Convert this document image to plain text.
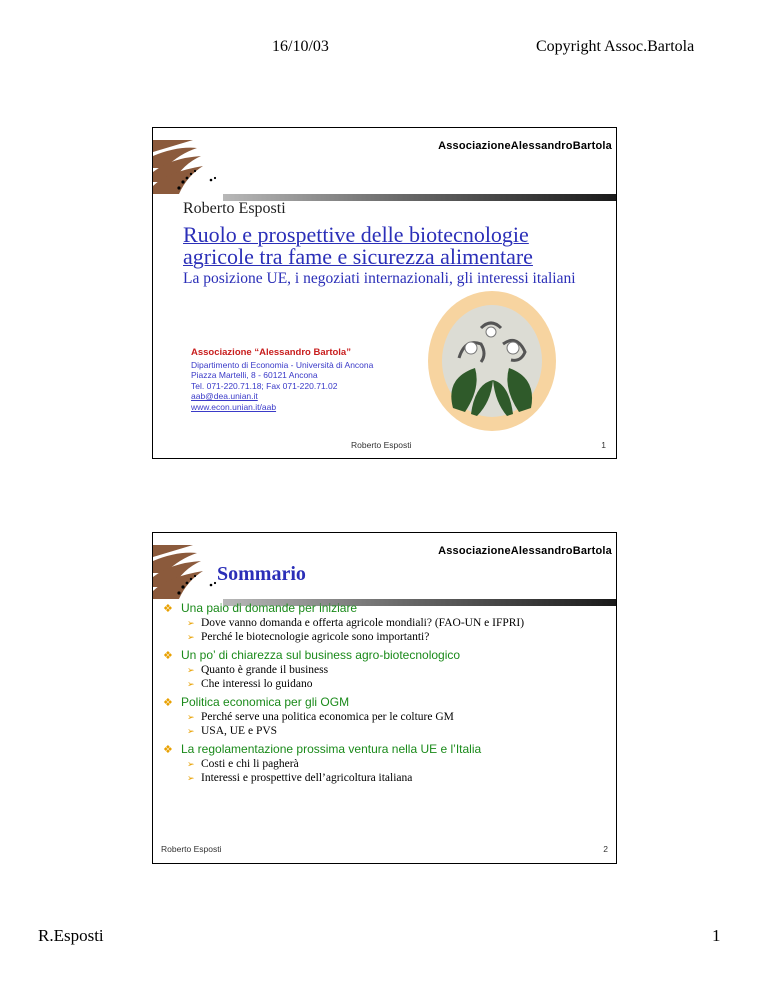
16/10/03	Copyright Assoc.Bartola
AssociazioneAlessandroBartola
Roberto Esposti
Ruolo e prospettive delle biotecnologie
agricole tra fame e sicurezza alimentare
La posizione UE, i negoziati internazionali, gli interessi italiani
Associazione “Alessandro Bartola”
Dipartimento di Economia - Università di Ancona
Piazza Martelli, 8 - 60121 Ancona
Tel. 071-220.71.18; Fax 071-220.71.02
aab@dea.unian.it
www.econ.unian.it/aab
Roberto Esposti	1
AssociazioneAlessandroBartola
Sommario
❖ Una paio di domande per iniziare
➢ Dove vanno domanda e offerta agricole mondiali? (FAO-UN e IFPRI)
➢ Perché le biotecnologie agricole sono importanti?
❖ Un po’ di chiarezza sul business agro-biotecnologico
➢ Quanto è grande il business
➢ Che interessi lo guidano
❖ Politica economica per gli OGM
➢ Perché serve una politica economica per le colture GM
➢ USA, UE e PVS
❖ La regolamentazione prossima ventura nella UE e l’Italia
➢ Costi e chi li pagherà
➢ Interessi e prospettive dell’agricoltura italiana
Roberto Esposti	2
R.Esposti	1
